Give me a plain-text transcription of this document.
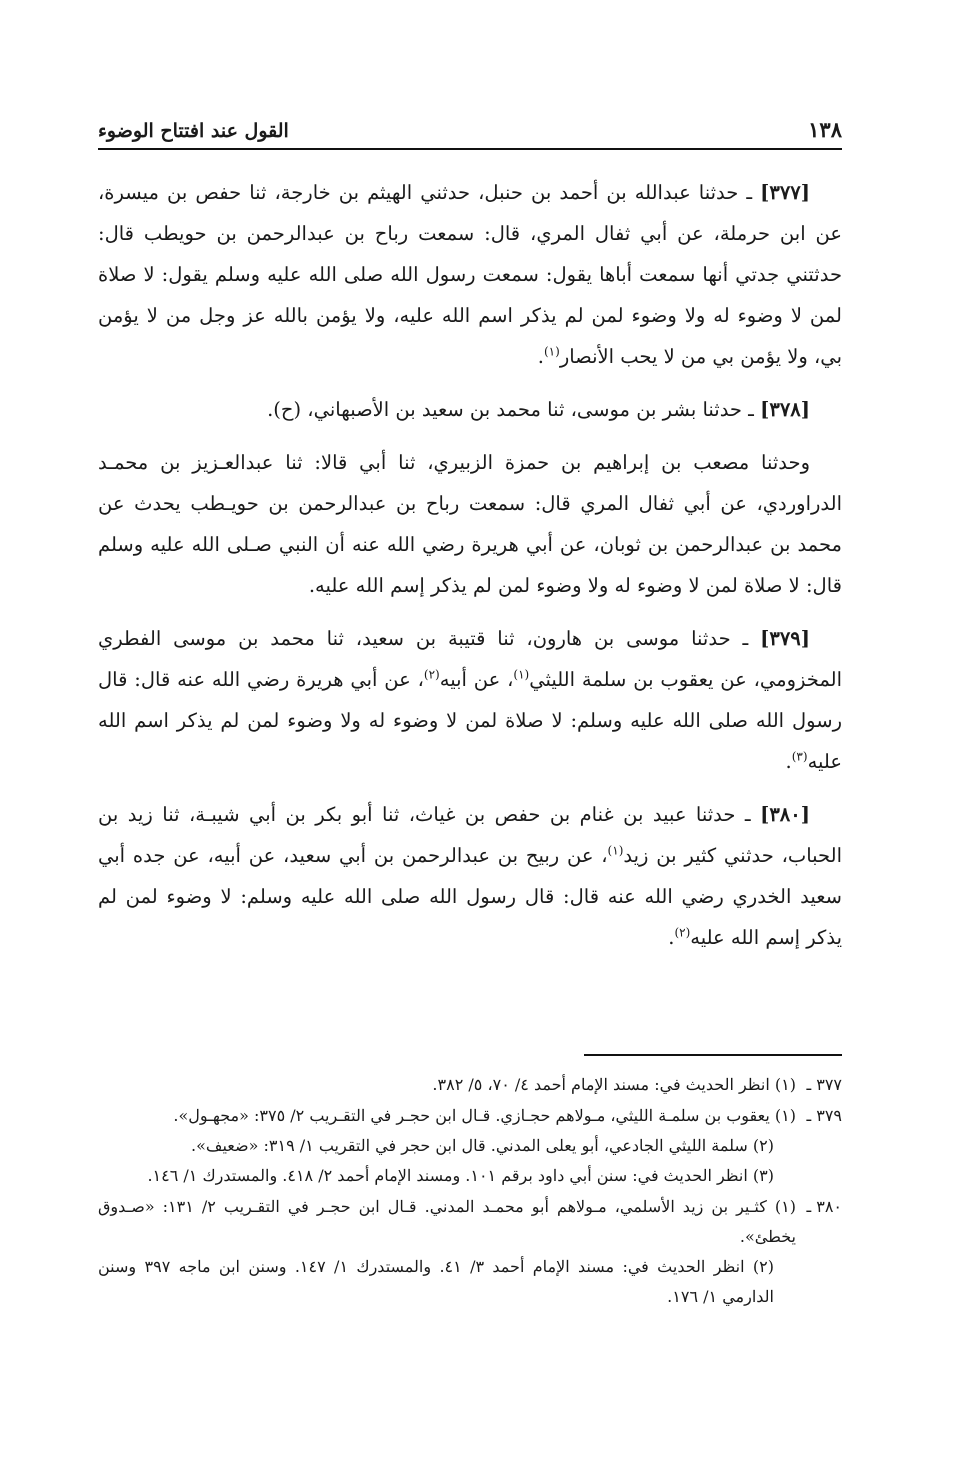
١٣٨
القول عند افتتاح الوضوء

[٣٧٧] ـ حدثنا عبدالله بن أحمد بن حنبل، حدثني الهيثم بن خارجة، ثنا حفص بن ميسرة، عن ابن حرملة، عن أبي ثفال المري، قال: سمعت رباح بن عبدالرحمن بن حويطب قال: حدثتني جدتي أنها سمعت أباها يقول: سمعت رسول الله صلى الله عليه وسلم يقول: لا صلاة لمن لا وضوء له ولا وضوء لمن لم يذكر اسم الله عليه، ولا يؤمن بالله عز وجل من لا يؤمن بي، ولا يؤمن بي من لا يحب الأنصار$^{(١)}$.

[٣٧٨] ـ حدثنا بشر بن موسى، ثنا محمد بن سعيد بن الأصبهاني، (ح).

وحدثنا مصعب بن إبراهيم بن حمزة الزبيري، ثنا أبي قالا: ثنا عبدالعـزيز بن محمـد الدراوردي، عن أبي ثفال المري قال: سمعت رباح بن عبدالرحمن بن حويـطب يحدث عن محمد بن عبدالرحمن بن ثوبان، عن أبي هريرة رضي الله عنه أن النبي صـلى الله عليه وسلم قال: لا صلاة لمن لا وضوء له ولا وضوء لمن لم يذكر إسم الله عليه.

[٣٧٩] ـ حدثنا موسى بن هارون، ثنا قتيبة بن سعيد، ثنا محمد بن موسى الفطري المخزومي، عن يعقوب بن سلمة الليثي$^{(١)}$، عن أبيه$^{(٢)}$، عن أبي هريرة رضي الله عنه قال: قال رسول الله صلى الله عليه وسلم: لا صلاة لمن لا وضوء له ولا وضوء لمن لم يذكر اسم الله عليه$^{(٣)}$.

[٣٨٠] ـ حدثنا عبيد بن غنام بن حفص بن غياث، ثنا أبو بكر بن أبي شيبـة، ثنا زيد بن الحباب، حدثني كثير بن زيد$^{(١)}$، عن ربيح بن عبدالرحمن بن أبي سعيد، عن أبيه، عن جده أبي سعيد الخدري رضي الله عنه قال: قال رسول الله صلى الله عليه وسلم: لا وضوء لمن لم يذكر إسم الله عليه$^{(٢)}$.

٣٧٧ ـ
(١) انظر الحديث في: مسند الإمام أحمد ٤/ ٧٠، ٥/ ٣٨٢.
٣٧٩ ـ
(١) يعقوب بن سلمـة الليثي، مـولاهم حجـازي. قـال ابن حجـر في التقـريب ٢/ ٣٧٥: «مجهـول».
(٢) سلمة الليثي الجادعي، أبو يعلى المدني. قال ابن حجر في التقريب ١/ ٣١٩: «ضعيف».
(٣) انظر الحديث في: سنن أبي داود برقم ١٠١. ومسند الإمام أحمد ٢/ ٤١٨. والمستدرك ١/ ١٤٦.
٣٨٠ ـ
(١) كثـير بن زيد الأسلمي، مـولاهم أبو محمـد المدني. قـال ابن حجـر في التقـريب ٢/ ١٣١: «صـدوق يخطئ».
(٢) انظر الحديث في: مسند الإمام أحمد ٣/ ٤١. والمستدرك ١/ ١٤٧. وسنن ابن ماجه ٣٩٧ وسنن الدارمي ١/ ١٧٦.
